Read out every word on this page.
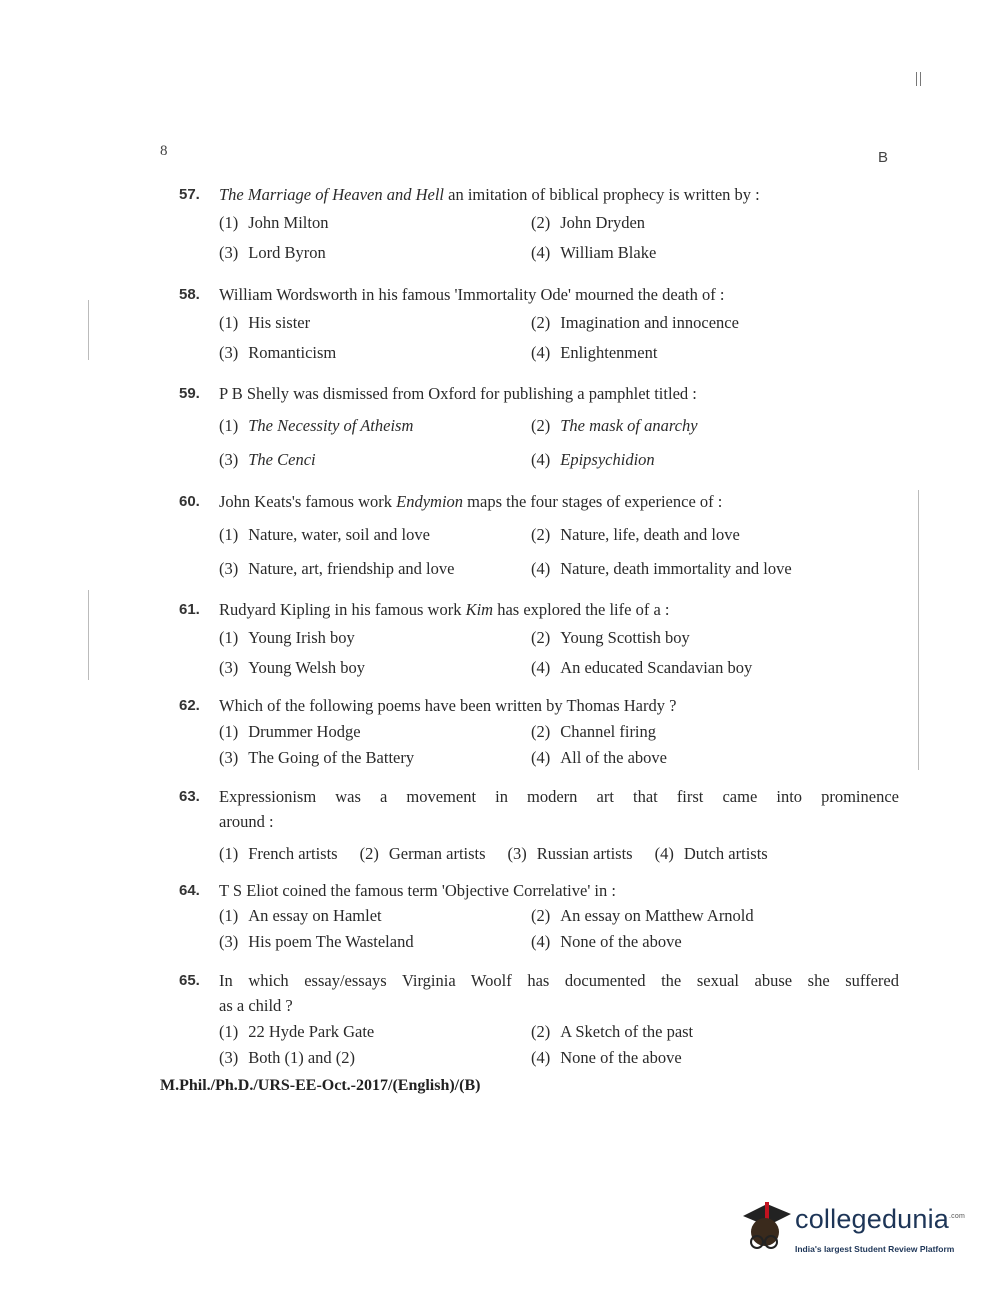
8	B
57.	The Marriage of Heaven and Hell an imitation of biblical prophecy is written by :
(1) John Milton	(2) John Dryden
(3) Lord Byron	(4) William Blake
58.	William Wordsworth in his famous 'Immortality Ode' mourned the death of :
(1) His sister	(2) Imagination and innocence
(3) Romanticism	(4) Enlightenment
59.	P B Shelly was dismissed from Oxford for publishing a pamphlet titled :
(1) The Necessity of Atheism	(2) The mask of anarchy
(3) The Cenci	(4) Epipsychidion
60.	John Keats's famous work Endymion maps the four stages of experience of :
(1) Nature, water, soil and love	(2) Nature, life, death and love
(3) Nature, art, friendship and love	(4) Nature, death immortality and love
61.	Rudyard Kipling in his famous work Kim has explored the life of a :
(1) Young Irish boy	(2) Young Scottish boy
(3) Young Welsh boy	(4) An educated Scandavian boy
62.	Which of the following poems have been written by Thomas Hardy ?
(1) Drummer Hodge	(2) Channel firing
(3) The Going of the Battery	(4) All of the above
63.	Expressionism was a movement in modern art that first came into prominence
around :
(1) French artists (2) German artists (3) Russian artists (4) Dutch artists
64.	T S Eliot coined the famous term 'Objective Correlative' in :
(1) An essay on Hamlet	(2) An essay on Matthew Arnold
(3) His poem The Wasteland	(4) None of the above
65.	In which essay/essays Virginia Woolf has documented the sexual abuse she suffered
as a child ?
(1) 22 Hyde Park Gate	(2) A Sketch of the past
(3) Both (1) and (2)	(4) None of the above
M.Phil./Ph.D./URS-EE-Oct.-2017/(English)/(B)
collegedunia$^{.com}$
India's largest Student Review Platform
